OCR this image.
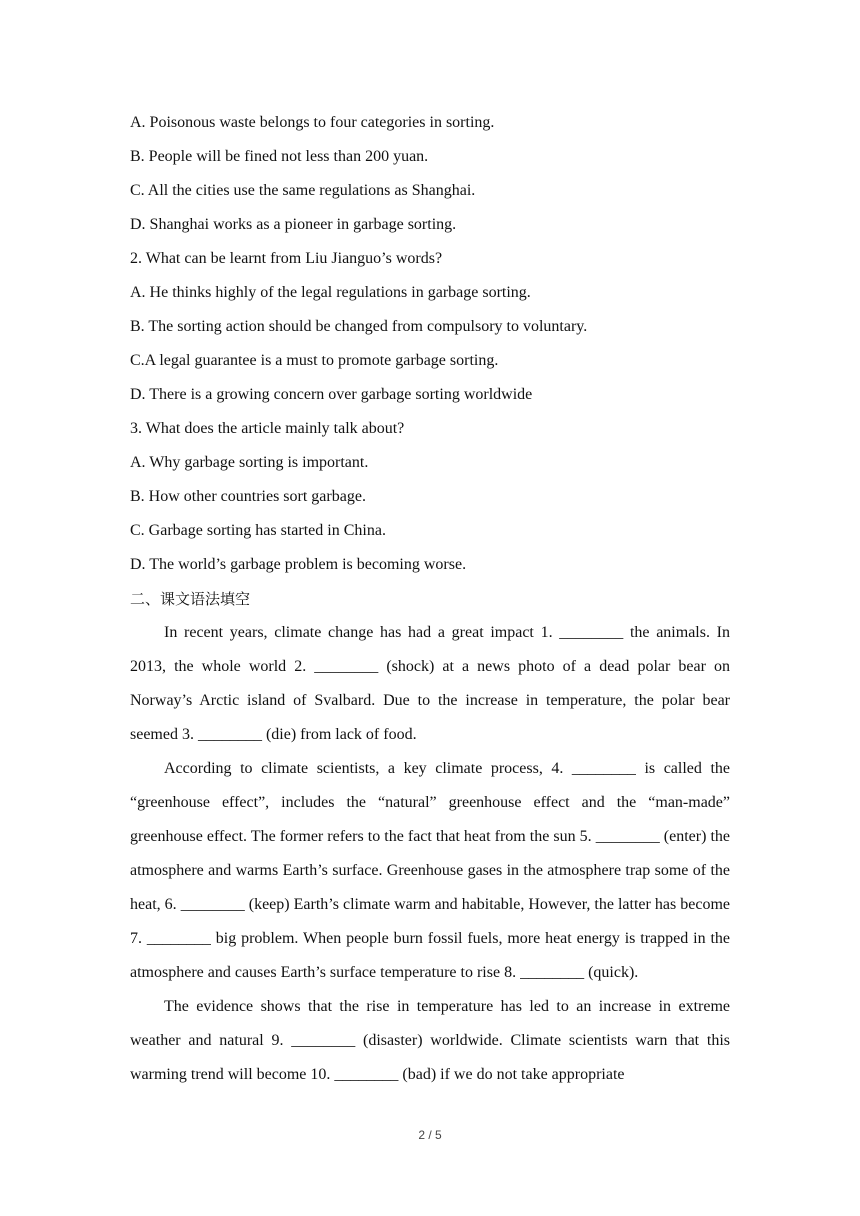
A. Poisonous waste belongs to four categories in sorting.
B. People will be fined not less than 200 yuan.
C. All the cities use the same regulations as Shanghai.
D. Shanghai works as a pioneer in garbage sorting.
2. What can be learnt from Liu Jianguo’s words?
A. He thinks highly of the legal regulations in garbage sorting.
B. The sorting action should be changed from compulsory to voluntary.
C.A legal guarantee is a must to promote garbage sorting.
D. There is a growing concern over garbage sorting worldwide
3. What does the article mainly talk about?
A. Why garbage sorting is important.
B. How other countries sort garbage.
C. Garbage sorting has started in China.
D. The world’s garbage problem is becoming worse.
二、课文语法填空

In recent years, climate change has had a great impact 1. ________ the animals. In 2013, the whole world 2. ________ (shock) at a news photo of a dead polar bear on Norway’s Arctic island of Svalbard. Due to the increase in temperature, the polar bear seemed 3. ________ (die) from lack of food.

According to climate scientists, a key climate process, 4. ________ is called the “greenhouse effect”, includes the “natural” greenhouse effect and the “man-made” greenhouse effect. The former refers to the fact that heat from the sun 5. ________ (enter) the atmosphere and warms Earth’s surface. Greenhouse gases in the atmosphere trap some of the heat, 6. ________ (keep) Earth’s climate warm and habitable, However, the latter has become 7. ________ big problem. When people burn fossil fuels, more heat energy is trapped in the atmosphere and causes Earth’s surface temperature to rise 8. ________ (quick).

The evidence shows that the rise in temperature has led to an increase in extreme weather and natural 9. ________ (disaster) worldwide. Climate scientists warn that this warming trend will become 10. ________ (bad) if we do not take appropriate

2 / 5
